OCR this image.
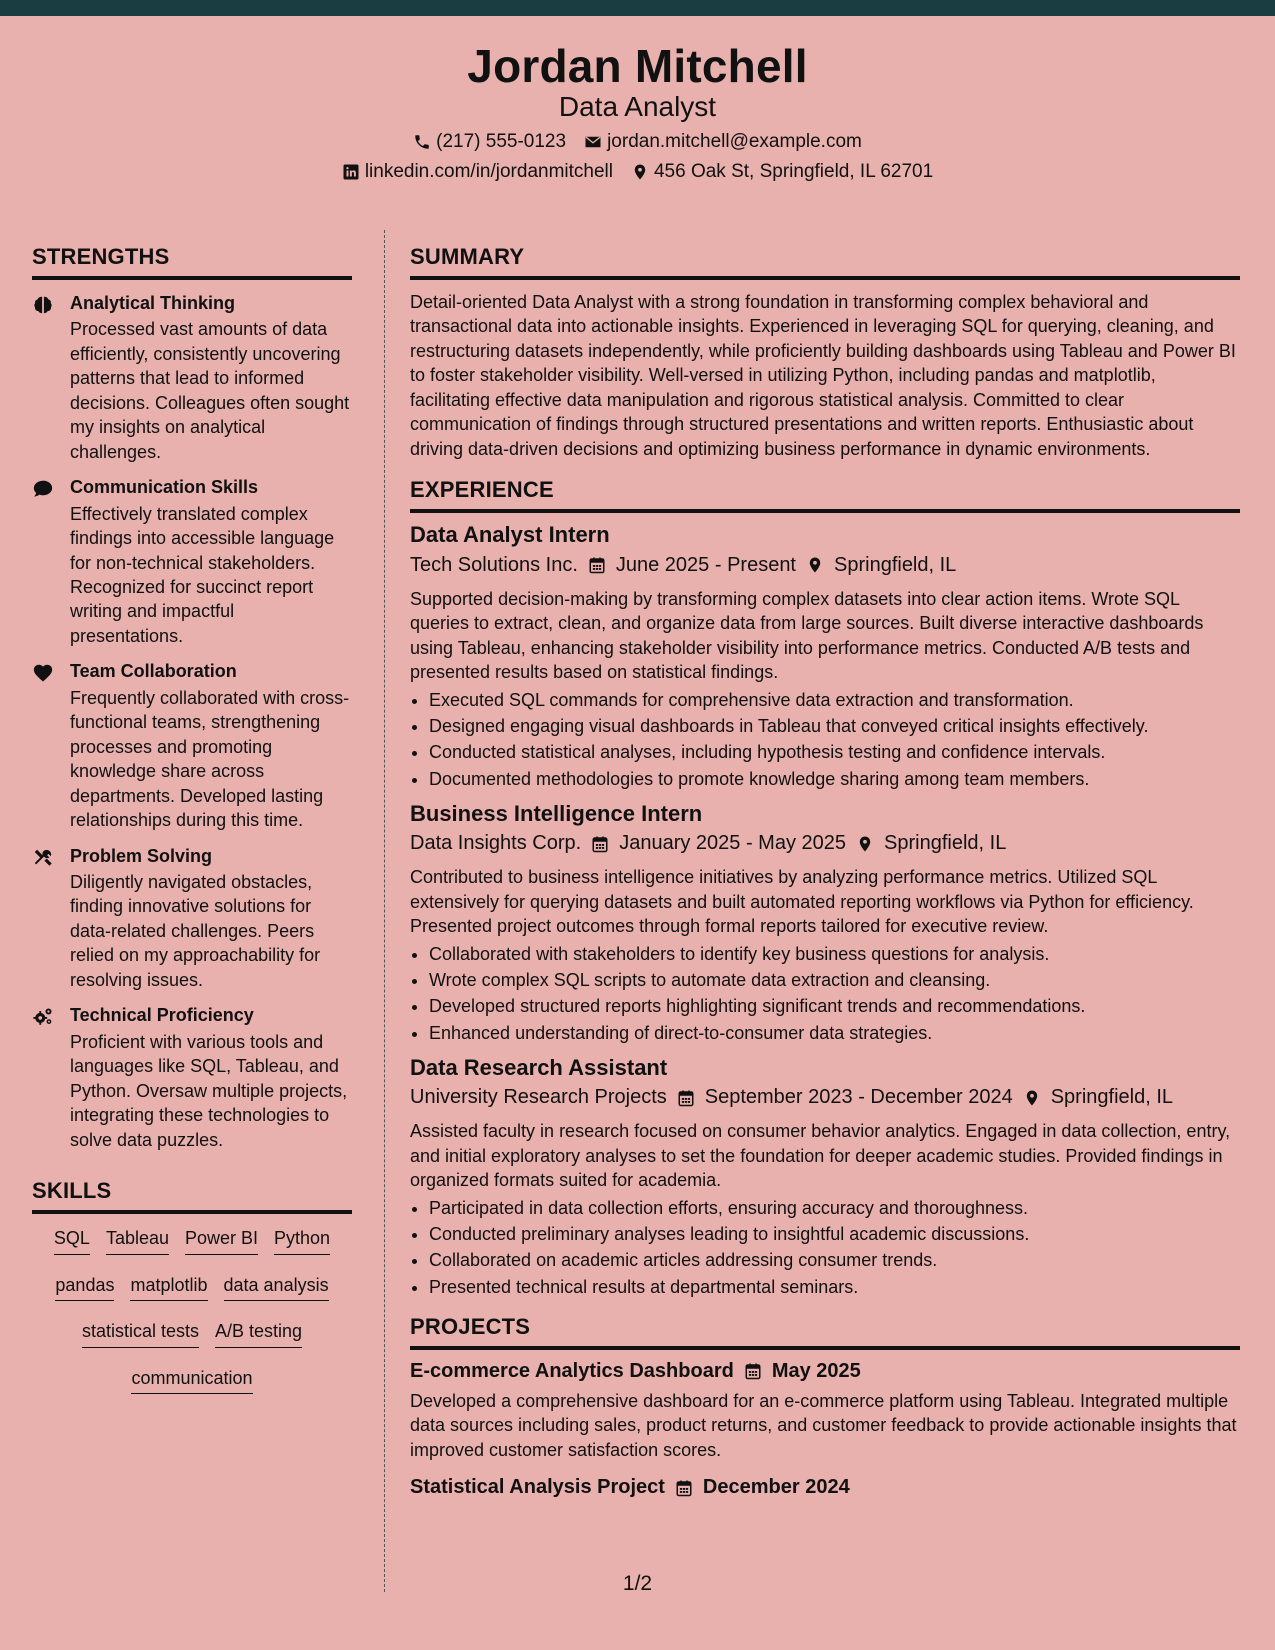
Jordan Mitchell
Data Analyst
(217) 555-0123 jordan.mitchell@example.com
linkedin.com/in/jordanmitchell 456 Oak St, Springfield, IL 62701
STRENGTHS
Analytical Thinking
Processed vast amounts of data efficiently, consistently uncovering patterns that lead to informed decisions. Colleagues often sought my insights on analytical challenges.
Communication Skills
Effectively translated complex findings into accessible language for non-technical stakeholders. Recognized for succinct report writing and impactful presentations.
Team Collaboration
Frequently collaborated with cross-functional teams, strengthening processes and promoting knowledge share across departments. Developed lasting relationships during this time.
Problem Solving
Diligently navigated obstacles, finding innovative solutions for data-related challenges. Peers relied on my approachability for resolving issues.
Technical Proficiency
Proficient with various tools and languages like SQL, Tableau, and Python. Oversaw multiple projects, integrating these technologies to solve data puzzles.
SKILLS
SQL Tableau Power BI Python
pandas matplotlib data analysis
statistical tests A/B testing
communication
SUMMARY

Detail-oriented Data Analyst with a strong foundation in transforming complex behavioral and transactional data into actionable insights. Experienced in leveraging SQL for querying, cleaning, and restructuring datasets independently, while proficiently building dashboards using Tableau and Power BI to foster stakeholder visibility. Well-versed in utilizing Python, including pandas and matplotlib, facilitating effective data manipulation and rigorous statistical analysis. Committed to clear communication of findings through structured presentations and written reports. Enthusiastic about driving data-driven decisions and optimizing business performance in dynamic environments.

EXPERIENCE
Data Analyst Intern
Tech Solutions Inc. June 2025 - Present Springfield, IL

Supported decision-making by transforming complex datasets into clear action items. Wrote SQL queries to extract, clean, and organize data from large sources. Built diverse interactive dashboards using Tableau, enhancing stakeholder visibility into performance metrics. Conducted A/B tests and presented results based on statistical findings.

• Executed SQL commands for comprehensive data extraction and transformation.
• Designed engaging visual dashboards in Tableau that conveyed critical insights effectively.
• Conducted statistical analyses, including hypothesis testing and confidence intervals.
• Documented methodologies to promote knowledge sharing among team members.
Business Intelligence Intern
Data Insights Corp. January 2025 - May 2025 Springfield, IL

Contributed to business intelligence initiatives by analyzing performance metrics. Utilized SQL extensively for querying datasets and built automated reporting workflows via Python for efficiency. Presented project outcomes through formal reports tailored for executive review.

• Collaborated with stakeholders to identify key business questions for analysis.
• Wrote complex SQL scripts to automate data extraction and cleansing.
• Developed structured reports highlighting significant trends and recommendations.
• Enhanced understanding of direct-to-consumer data strategies.
Data Research Assistant
University Research Projects September 2023 - December 2024 Springfield, IL

Assisted faculty in research focused on consumer behavior analytics. Engaged in data collection, entry, and initial exploratory analyses to set the foundation for deeper academic studies. Provided findings in organized formats suited for academia.

• Participated in data collection efforts, ensuring accuracy and thoroughness.
• Conducted preliminary analyses leading to insightful academic discussions.
• Collaborated on academic articles addressing consumer trends.
• Presented technical results at departmental seminars.
PROJECTS
E-commerce Analytics Dashboard May 2025

Developed a comprehensive dashboard for an e-commerce platform using Tableau. Integrated multiple data sources including sales, product returns, and customer feedback to provide actionable insights that improved customer satisfaction scores.

Statistical Analysis Project December 2024
1/2
